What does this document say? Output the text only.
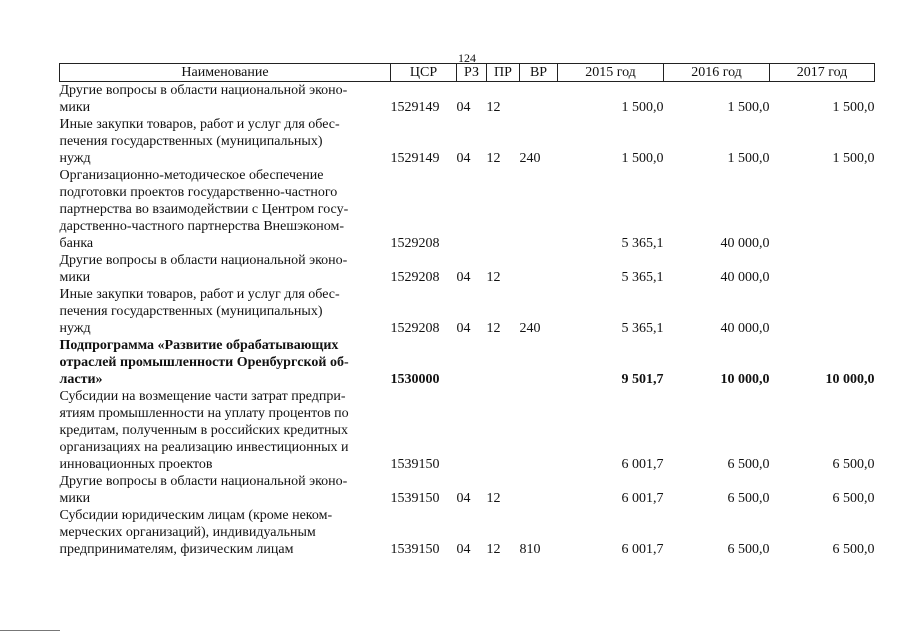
124
Наименование	ЦСР	РЗ	ПР	ВР	2015 год	2016 год	2017 год

Другие вопросы в области национальной эконо-
мики	1529149	04	12		1 500,0	1 500,0	1 500,0

Иные закупки товаров, работ и услуг для обес-
печения государственных (муниципальных)
нужд	1529149	04	12	240	1 500,0	1 500,0	1 500,0

Организационно-методическое обеспечение
подготовки проектов государственно-частного
партнерства во взаимодействии с Центром госу-
дарственно-частного партнерства Внешэконом-
банка	1529208				5 365,1	40 000,0	

Другие вопросы в области национальной эконо-
мики	1529208	04	12		5 365,1	40 000,0	

Иные закупки товаров, работ и услуг для обес-
печения государственных (муниципальных)
нужд	1529208	04	12	240	5 365,1	40 000,0	

Подпрограмма «Развитие обрабатывающих
отраслей промышленности Оренбургской об-
ласти»	1530000				9 501,7	10 000,0	10 000,0

Субсидии на возмещение части затрат предпри-
ятиям промышленности на уплату процентов по
кредитам, полученным в российских кредитных
организациях на реализацию инвестиционных и
инновационных проектов	1539150				6 001,7	6 500,0	6 500,0

Другие вопросы в области национальной эконо-
мики	1539150	04	12		6 001,7	6 500,0	6 500,0

Субсидии юридическим лицам (кроме неком-
мерческих организаций), индивидуальным
предпринимателям, физическим лицам	1539150	04	12	810	6 001,7	6 500,0	6 500,0
